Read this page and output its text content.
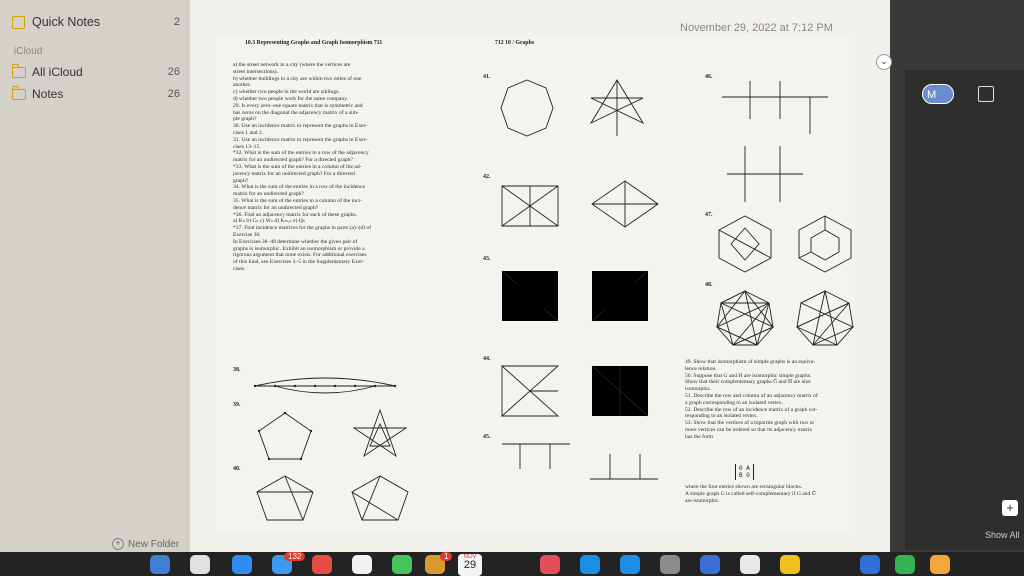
Quick Notes	2
iCloud
All iCloud	26
Notes	26
+ New Folder
November 29, 2022 at 7:12 PM
10.3 Representing Graphs and Graph Isomorphism 711	712 10 / Graphs
a) the street network in a city (where the vertices are
street intersections).
b) whether buildings in a city are within two miles of one
another.
c) whether two people in the world are siblings.
d) whether two people work for the same company.
29. Is every zero–one square matrix that is symmetric and
has zeros on the diagonal the adjacency matrix of a sim-
ple graph?
30. Use an incidence matrix to represent the graphs in Exer-
cises 1 and 2.
31. Use an incidence matrix to represent the graphs in Exer-
cises 13–15.
*32. What is the sum of the entries in a row of the adjacency
matrix for an undirected graph? For a directed graph?
*33. What is the sum of the entries in a column of the ad-
jacency matrix for an undirected graph? For a directed
graph?
34. What is the sum of the entries in a row of the incidence
matrix for an undirected graph?
35. What is the sum of the entries in a column of the inci-
dence matrix for an undirected graph?
*36. Find an adjacency matrix for each of these graphs.
a) Kₙ b) Cₙ c) Wₙ d) Kₘ,ₙ e) Qₙ
*37. Find incidence matrices for the graphs in parts (a)–(d) of
Exercise 36.
In Exercises 38–48 determine whether the given pair of
graphs is isomorphic. Exhibit an isomorphism or provide a
rigorous argument that none exists. For additional exercises
of this kind, see Exercises 3–5 in the Supplementary Exer-
cises.
38.
39.
40.
41.
42.
43.
44.
45.
46.
47.
48.
49. Show that isomorphism of simple graphs is an equiva-
lence relation.
50. Suppose that G and H are isomorphic simple graphs.
Show that their complementary graphs G̅ and H̅ are also
isomorphic.
51. Describe the row and column of an adjacency matrix of
a graph corresponding to an isolated vertex.
52. Describe the row of an incidence matrix of a graph cor-
responding to an isolated vertex.
53. Show that the vertices of a bipartite graph with two or
more vertices can be ordered so that its adjacency matrix
has the form
0 A
B 0
where the four entries shown are rectangular blocks.
A simple graph G is called self-complementary if G and G̅
are isomorphic.
⌄
M
+
Show All
132	1	NOV
29
